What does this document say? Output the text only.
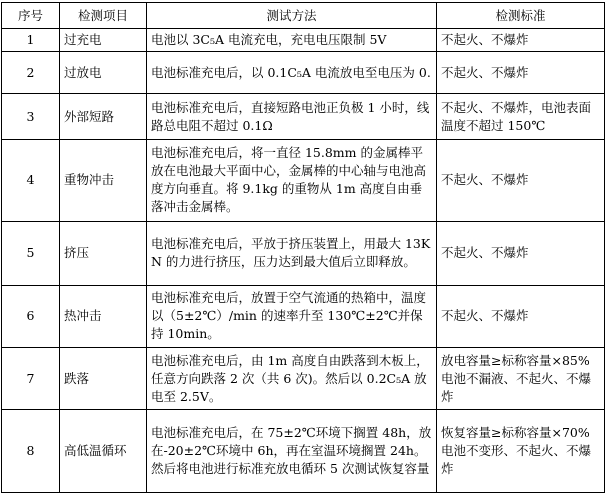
序号	检测项目	测试方法	检测标准
1	过充电	电池以 3C₅A 电流充电，充电电压限制 5V	不起火、不爆炸
2	过放电	电池标准充电后，以 0.1C₅A 电流放电至电压为 0.	不起火、不爆炸
3	外部短路	电池标准充电后，直接短路电池正负极 1 小时，线路总电阻不超过 0.1Ω	不起火、不爆炸，电池表面温度不超过 150℃
4	重物冲击	电池标准充电后，将一直径 15.8mm 的金属棒平放在电池最大平面中心，金属棒的中心轴与电池高度方向垂直。将 9.1kg 的重物从 1m 高度自由垂落冲击金属棒。	不起火、不爆炸
5	挤压	电池标准充电后，平放于挤压装置上，用最大 13KN 的力进行挤压，压力达到最大值后立即释放。	不起火、不爆炸
6	热冲击	电池标准充电后，放置于空气流通的热箱中，温度以（5±2℃）/min 的速率升至 130℃±2℃并保持 10min。	不起火、不爆炸
7	跌落	电池标准充电后，由 1m 高度自由跌落到木板上，任意方向跌落 2 次（共 6 次)。然后以 0.2C₅A 放电至 2.5V。	放电容量≥标称容量×85%电池不漏液、不起火、不爆炸
8	高低温循环	电池标准充电后，在 75±2℃环境下搁置 48h，放在-20±2℃环境中 6h，再在室温环境搁置 24h。然后将电池进行标准充放电循环 5 次测试恢复容量	恢复容量≥标称容量×70%电池不变形、不起火、不爆炸
